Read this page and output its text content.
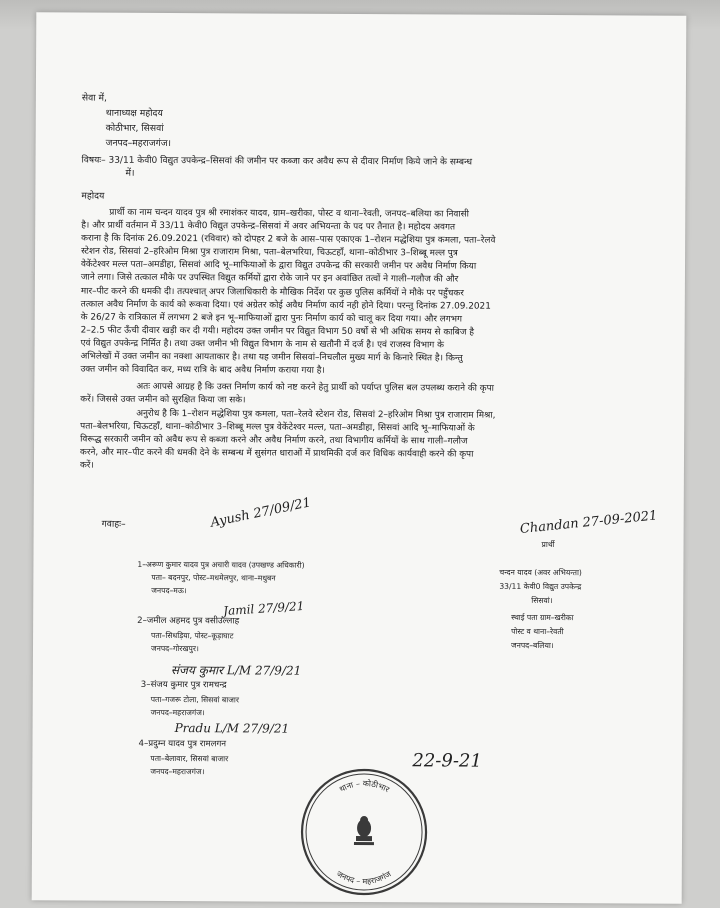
सेवा में,
थानाध्यक्ष महोदय
कोठीभार, सिसवां
जनपद–महराजगंज।
विषयः– 33/11 केवी0 विद्युत उपकेन्द्र–सिसवां की जमीन पर कब्जा कर अवैध रूप से दीवार निर्माण किये जाने के सम्बन्ध
में।
महोदय
प्रार्थी का नाम चन्दन यादव पुत्र श्री रमाशंकर यादव, ग्राम–खरीका, पोस्ट व थाना–रेवती, जनपद–बलिया का निवासी
है। और प्रार्थी वर्तमान में 33/11 केवी0 विद्युत उपकेन्द्र–सिसवां में अवर अभियन्ता के पद पर तैनात है। महोदय अवगत
कराना है कि दिनांक 26.09.2021 (रविवार) को दोपहर 2 बजे के आस–पास एकाएक 1–रोशन मद्धेशिया पुत्र कमला, पता–रेलवे
स्टेशन रोड, सिसवां 2–हरिओम मिश्रा पुत्र राजाराम मिश्रा, पता–बेलभरिया, चिऊटहाँ, थाना–कोठीभार 3–शिब्बू मल्ल पुत्र
वेकेंटेश्वर मल्ल पता–अमडीहा, सिसवां आदि भू–माफियाओं के द्वारा विद्युत उपकेन्द्र की सरकारी जमीन पर अवैध निर्माण किया
जाने लगा। जिसे तत्काल मौके पर उपस्थित विद्युत कर्मियों द्वारा रोके जाने पर इन अवांछित तत्वों ने गाली–गलौज की और
मार–पीट करने की धमकी दी। तत्पश्चात् अपर जिलाधिकारी के मौखिक निर्देश पर कुछ पुलिस कर्मियों ने मौके पर पहुँचकर
तत्काल अवैध निर्माण के कार्य को रूकवा दिया। एवं अग्रेतर कोई अवैध निर्माण कार्य नही होने दिया। परन्तु दिनांक 27.09.2021
के 26/27 के रात्रिकाल में लगभग 2 बजे इन भू–माफियाओं द्वारा पुनः निर्माण कार्य को चालू कर दिया गया। और लगभग
2–2.5 फीट ऊँची दीवार खड़ी कर दी गयी। महोदय उक्त जमीन पर विद्युत विभाग 50 वर्षो से भी अधिक समय से काबिज है
एवं विद्युत उपकेन्द्र निर्मित है। तथा उक्त जमीन भी विद्युत विभाग के नाम से खतौनी में दर्ज है। एवं राजस्व विभाग के
अभिलेखों में उक्त जमीन का नक्शा आयताकार है। तथा यह जमीन सिसवां–निचलौल मुख्य मार्ग के किनारे स्थित है। किन्तु
उक्त जमीन को विवादित कर, मध्य रात्रि के बाद अवैध निर्माण कराया गया है।
अतः आपसे आग्रह है कि उक्त निर्माण कार्य को नष्ट करने हेतु प्रार्थी को पर्याप्त पुलिस बल उपलब्ध कराने की कृपा
करें। जिससे उक्त जमीन को सुरक्षित किया जा सके।
अनुरोध है कि 1–रोशन मद्धेशिया पुत्र कमला, पता–रेलवे स्टेशन रोड, सिसवां 2–हरिओम मिश्रा पुत्र राजाराम मिश्रा,
पता–बेलभरिया, चिऊटहाँ, थाना–कोठीभार 3–शिब्बू मल्ल पुत्र वेकेंटेश्वर मल्ल, पता–अमडीहा, सिसवां आदि भू–माफियाओं के
विरूद्ध सरकारी जमीन को अवैध रूप से कब्जा करने और अवैध निर्माण करने, तथा विभागीय कर्मियों के साथ गाली–गलौज
करने, और मार–पीट करने की धमकी देने के सम्बन्ध में सुसंगत धाराओं में प्राथमिकी दर्ज कर विधिक कार्यवाही करने की कृपा
करें।
गवाहः–	Ayush 27/09/21
1–अरूण कुमार यादव पुत्र अचारी यादव (उपखण्ड अधिकारी)
पता– बदनपुर, पोस्ट–मधमेलपुर, थाना–मधुबन
जनपद–मऊ।
Jamil 27/9/21
2–जमील अहमद पुत्र वसीउल्लाह
पता–सिधड़िया, पोस्ट–कूड़ाघाट
जनपद–गोरखपुर।
संजय कुमार L/M 27/9/21
3–संजय कुमार पुत्र रामचन्द्र
पता–गजरू टोला, सिसवां बाजार
जनपद–महराजगंज।
Pradu L/M 27/9/21
4–प्रदुम्न यादव पुत्र रामलगन
पता–बेलावार, सिसवां बाजार
जनपद–महराजगंज।
Chandan 27-09-2021
प्रार्थी
चन्दन यादव (अवर अभियन्ता)
33/11 केवी0 विद्युत उपकेन्द्र
सिसवां।
स्थाई पता ग्राम–खरीका
पोस्ट व थाना–रेवती
जनपद–बलिया।
22-9-21
थाना – कोठीभार
जनपद – महराजगंज
